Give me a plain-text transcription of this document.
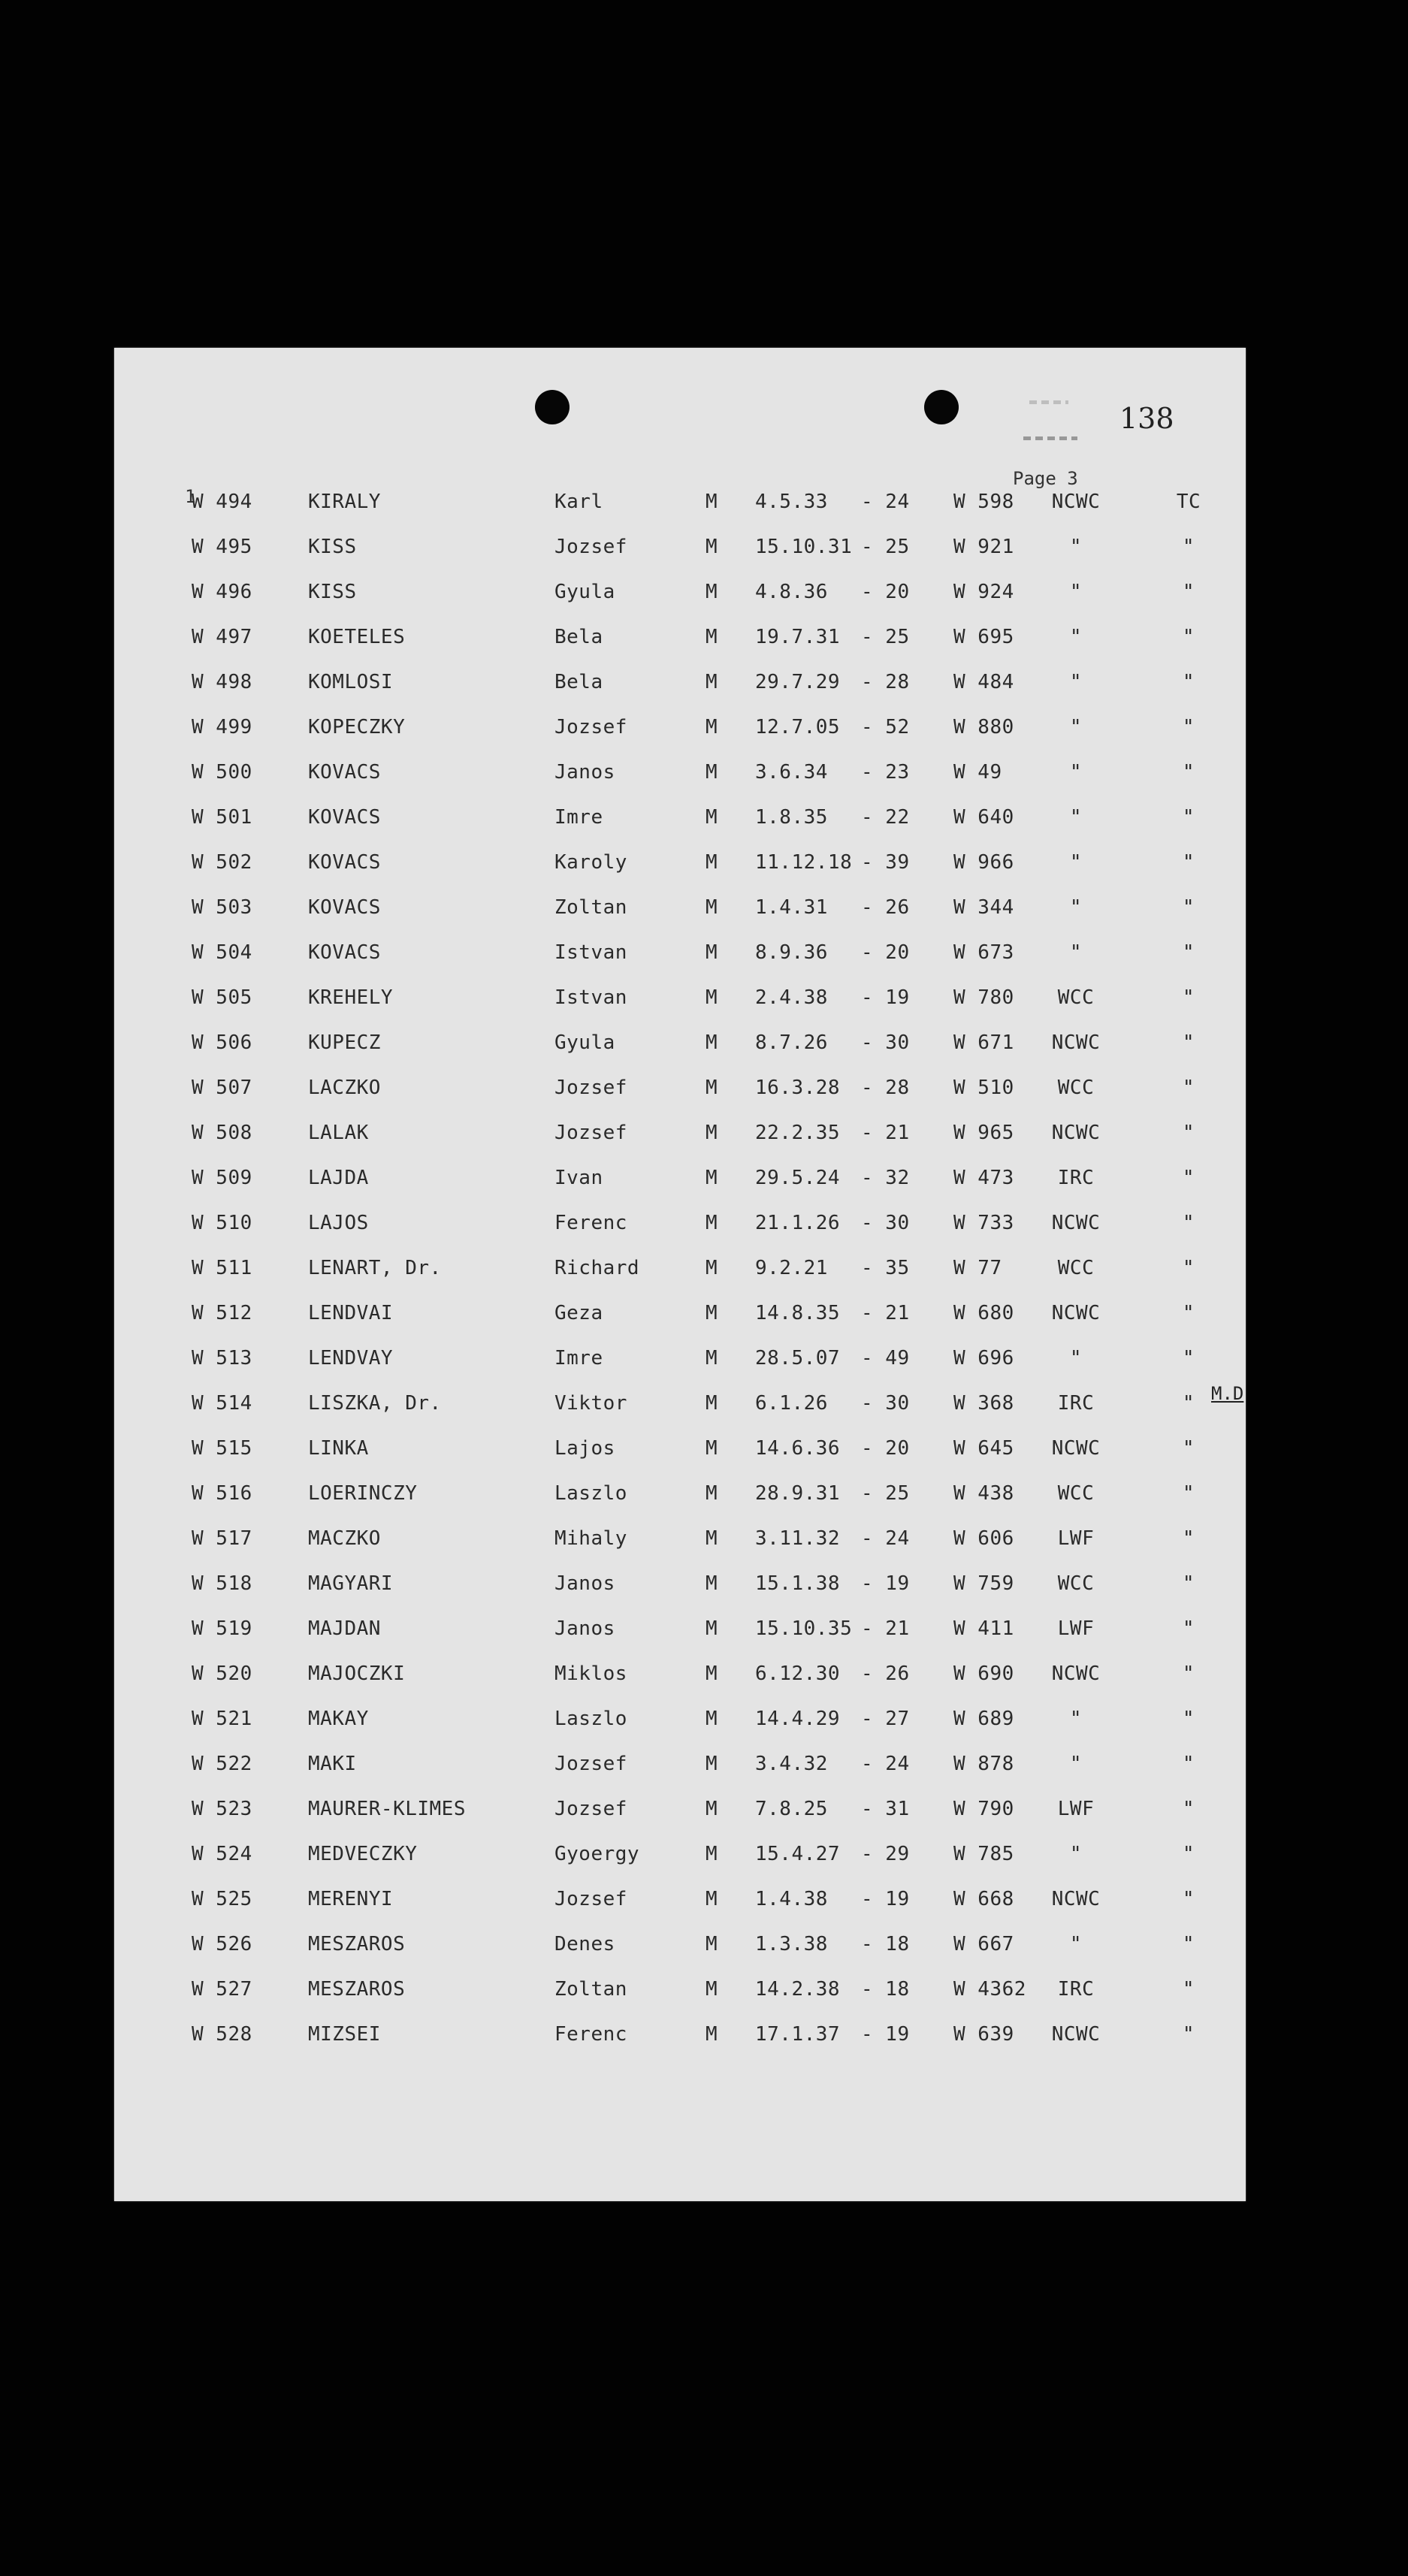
138
Page 3
1
M.D
W 494	KIRALY	Karl	M 4.5.33 - 24 W 598	NCWC	TC
W 495	KISS	Jozsef	M 15.10.31 - 25 W 921	"	"
W 496	KISS	Gyula	M 4.8.36 - 20 W 924	"	"
W 497	KOETELES	Bela	M 19.7.31 - 25 W 695	"	"
W 498	KOMLOSI	Bela	M 29.7.29 - 28 W 484	"	"
W 499	KOPECZKY	Jozsef	M 12.7.05 - 52 W 880	"	"
W 500	KOVACS	Janos	M 3.6.34 - 23 W 49	"	"
W 501	KOVACS	Imre	M 1.8.35 - 22 W 640	"	"
W 502	KOVACS	Karoly	M 11.12.18 - 39 W 966	"	"
W 503	KOVACS	Zoltan	M 1.4.31 - 26 W 344	"	"
W 504	KOVACS	Istvan	M 8.9.36 - 20 W 673	"	"
W 505	KREHELY	Istvan	M 2.4.38 - 19 W 780	WCC	"
W 506	KUPECZ	Gyula	M 8.7.26 - 30 W 671	NCWC	"
W 507	LACZKO	Jozsef	M 16.3.28 - 28 W 510	WCC	"
W 508	LALAK	Jozsef	M 22.2.35 - 21 W 965	NCWC	"
W 509	LAJDA	Ivan	M 29.5.24 - 32 W 473	IRC	"
W 510	LAJOS	Ferenc	M 21.1.26 - 30 W 733	NCWC	"
W 511	LENART, Dr.	Richard	M 9.2.21 - 35 W 77	WCC	"
W 512	LENDVAI	Geza	M 14.8.35 - 21 W 680	NCWC	"
W 513	LENDVAY	Imre	M 28.5.07 - 49 W 696	"	"
W 514	LISZKA, Dr.	Viktor	M 6.1.26 - 30 W 368	IRC	"
W 515	LINKA	Lajos	M 14.6.36 - 20 W 645	NCWC	"
W 516	LOERINCZY	Laszlo	M 28.9.31 - 25 W 438	WCC	"
W 517	MACZKO	Mihaly	M 3.11.32 - 24 W 606	LWF	"
W 518	MAGYARI	Janos	M 15.1.38 - 19 W 759	WCC	"
W 519	MAJDAN	Janos	M 15.10.35 - 21 W 411	LWF	"
W 520	MAJOCZKI	Miklos	M 6.12.30 - 26 W 690	NCWC	"
W 521	MAKAY	Laszlo	M 14.4.29 - 27 W 689	"	"
W 522	MAKI	Jozsef	M 3.4.32 - 24 W 878	"	"
W 523	MAURER-KLIMES	Jozsef	M 7.8.25 - 31 W 790	LWF	"
W 524	MEDVECZKY	Gyoergy	M 15.4.27 - 29 W 785	"	"
W 525	MERENYI	Jozsef	M 1.4.38 - 19 W 668	NCWC	"
W 526	MESZAROS	Denes	M 1.3.38 - 18 W 667	"	"
W 527	MESZAROS	Zoltan	M 14.2.38 - 18 W 4362	IRC	"
W 528	MIZSEI	Ferenc	M 17.1.37 - 19 W 639	NCWC	"
